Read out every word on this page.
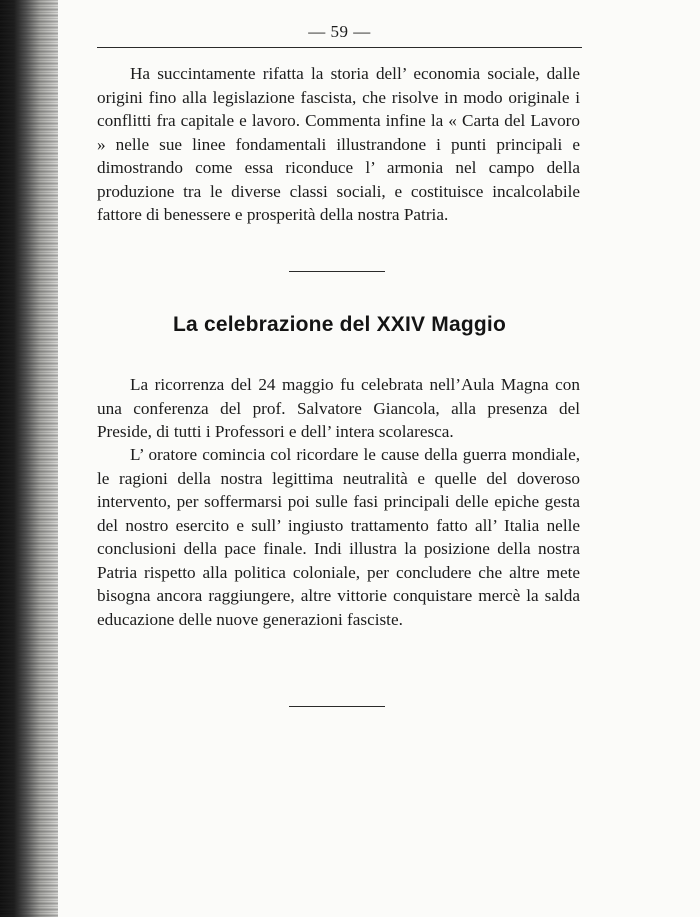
— 59 —

Ha succintamente rifatta la storia dell’ economia sociale, dalle origini fino alla legislazione fascista, che risolve in modo originale i conflitti fra capitale e lavoro. Commenta infine la « Carta del Lavoro » nelle sue linee fondamentali illustrandone i punti principali e dimostrando come essa riconduce l’ armonia nel campo della produzione tra le diverse classi sociali, e costituisce incalcolabile fattore di benessere e prosperità della nostra Patria.

La celebrazione del XXIV Maggio

La ricorrenza del 24 maggio fu celebrata nell’Aula Magna con una conferenza del prof. Salvatore Giancola, alla presenza del Preside, di tutti i Professori e dell’ intera scolaresca.

L’ oratore comincia col ricordare le cause della guerra mondiale, le ragioni della nostra legittima neutralità e quelle del doveroso intervento, per soffermarsi poi sulle fasi principali delle epiche gesta del nostro esercito e sull’ ingiusto trattamento fatto all’ Italia nelle conclusioni della pace finale. Indi illustra la posizione della nostra Patria rispetto alla politica coloniale, per concludere che altre mete bisogna ancora raggiungere, altre vittorie conquistare mercè la salda educazione delle nuove generazioni fasciste.
